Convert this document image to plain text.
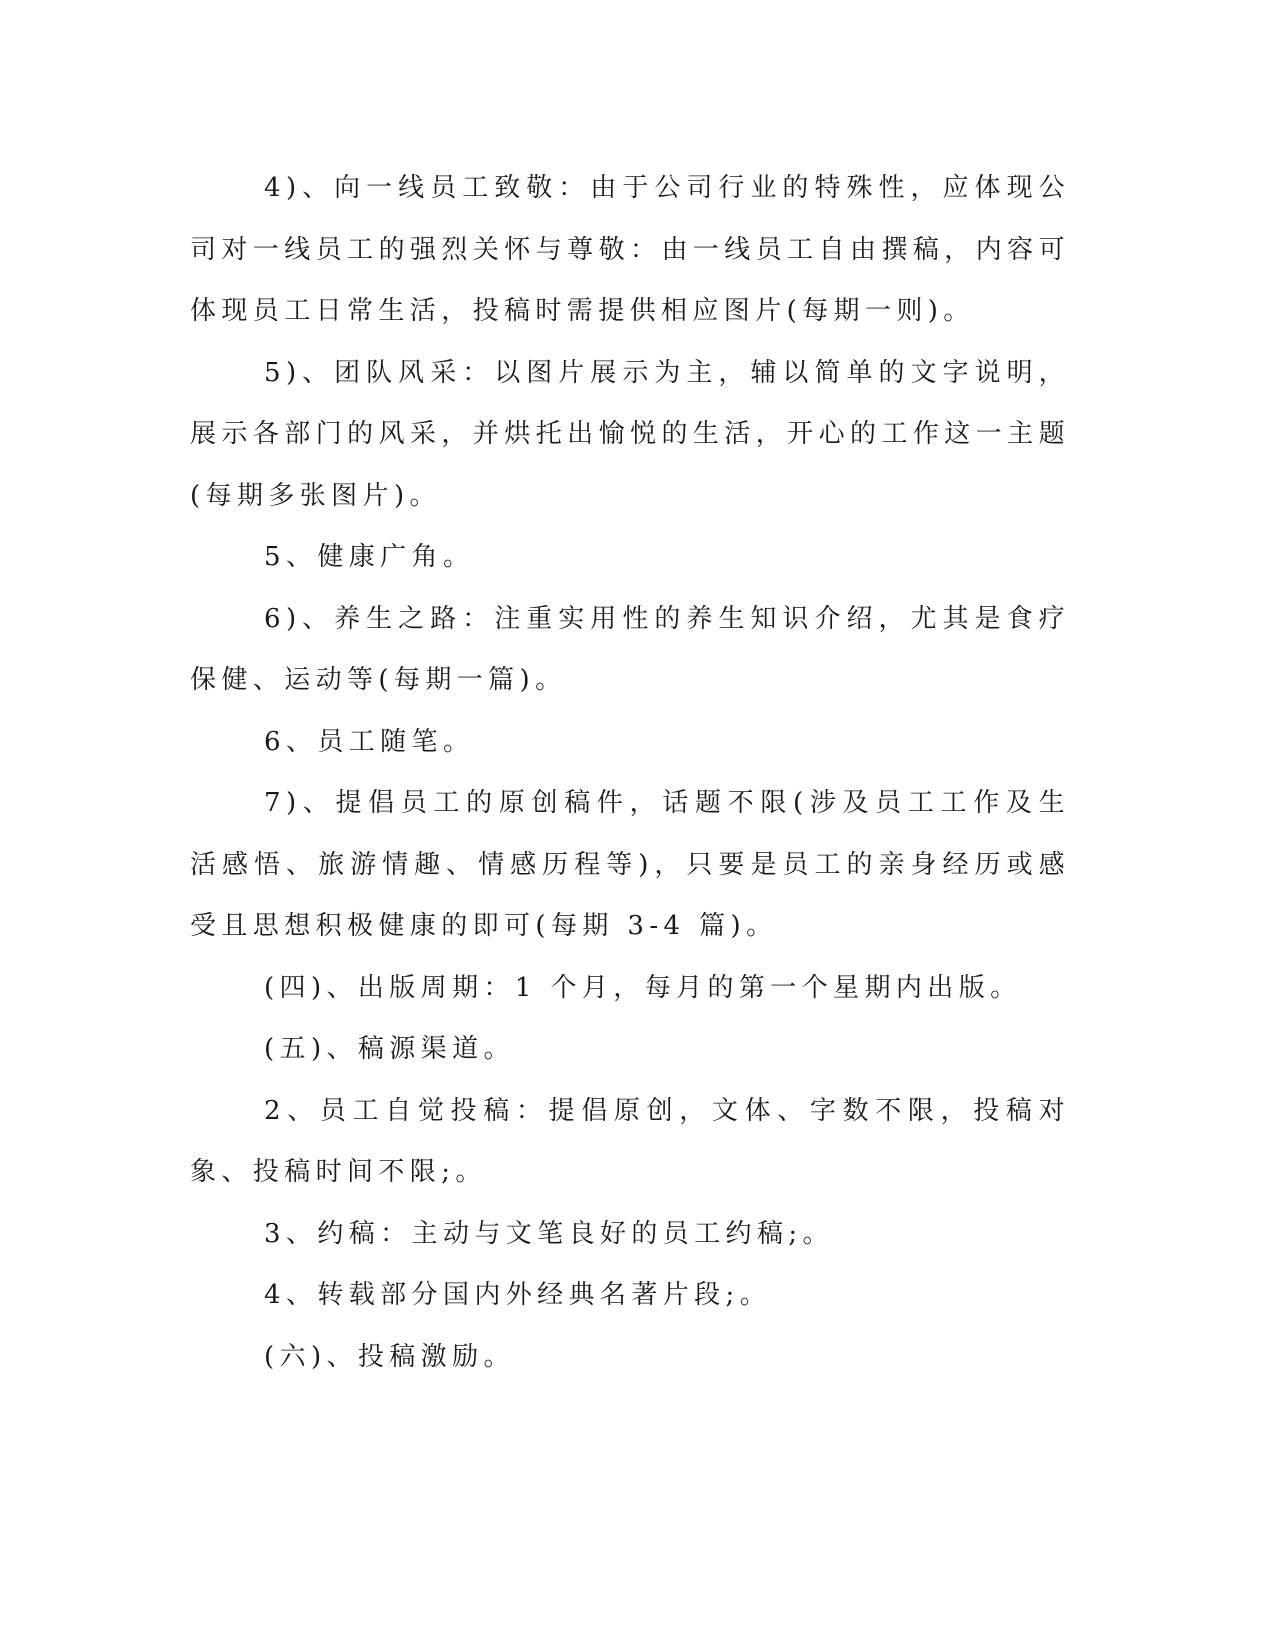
4)、向一线员工致敬：由于公司行业的特殊性，应体现公司对一线员工的强烈关怀与尊敬：由一线员工自由撰稿，内容可体现员工日常生活，投稿时需提供相应图片(每期一则)。

5)、团队风采：以图片展示为主，辅以简单的文字说明，展示各部门的风采，并烘托出愉悦的生活，开心的工作这一主题(每期多张图片)。

5、健康广角。

6)、养生之路：注重实用性的养生知识介绍，尤其是食疗保健、运动等(每期一篇)。

6、员工随笔。

7)、提倡员工的原创稿件，话题不限(涉及员工工作及生活感悟、旅游情趣、情感历程等)，只要是员工的亲身经历或感受且思想积极健康的即可(每期 3-4 篇)。

(四)、出版周期：1 个月，每月的第一个星期内出版。

(五)、稿源渠道。

2、员工自觉投稿：提倡原创，文体、字数不限，投稿对象、投稿时间不限;。

3、约稿：主动与文笔良好的员工约稿;。

4、转载部分国内外经典名著片段;。

(六)、投稿激励。
